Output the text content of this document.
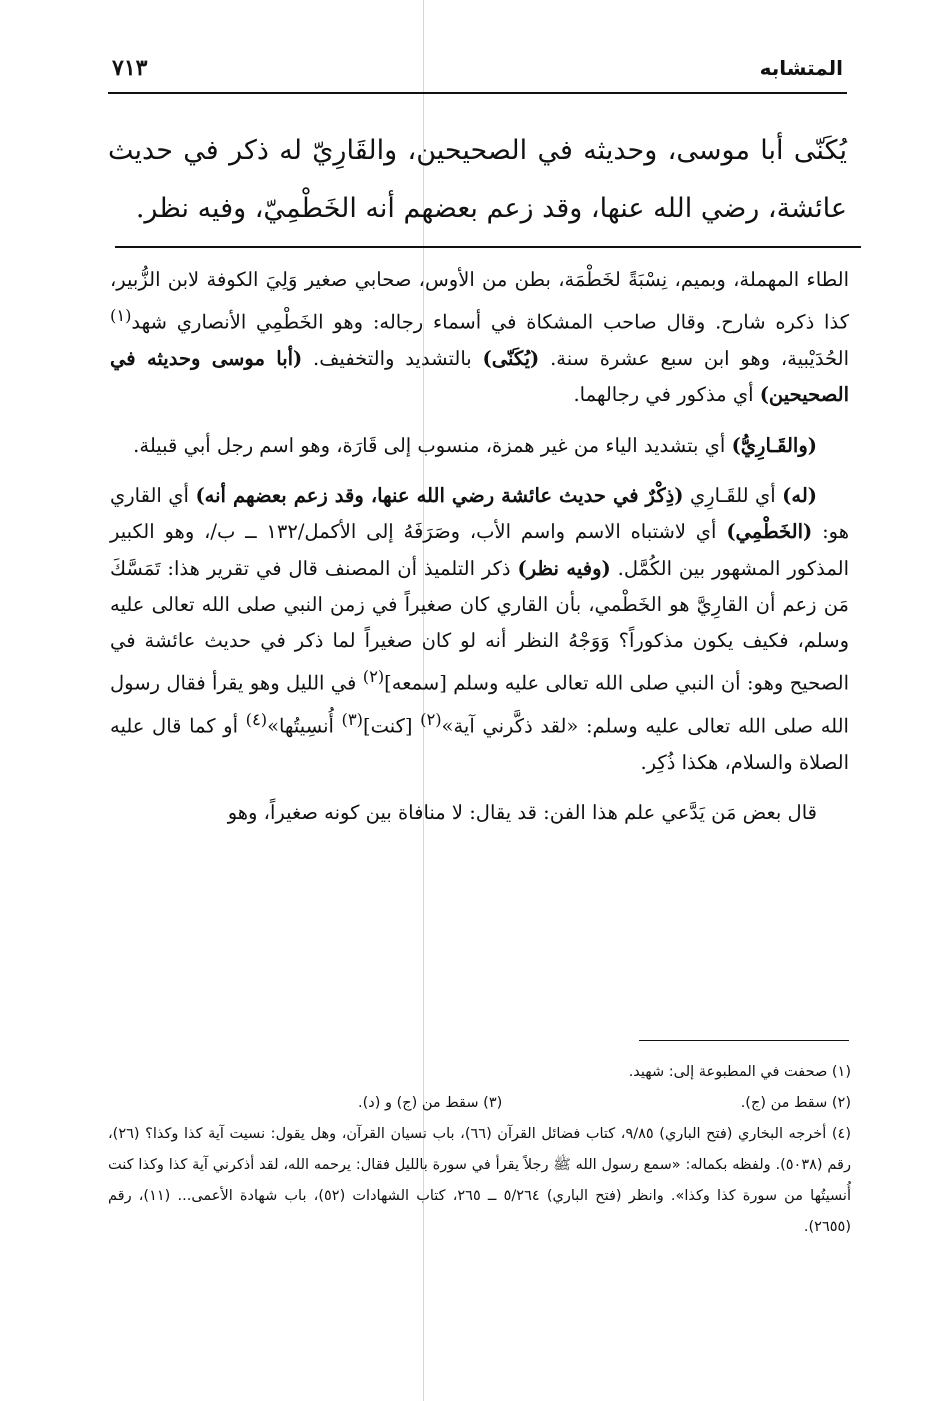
المتشابه
٧١٣

يُكَنّى أبا موسى، وحديثه في الصحيحين، والقَارِيّ له ذكر في حديث عائشة، رضي الله عنها، وقد زعم بعضهم أنه الخَطْمِيّ، وفيه نظر.

الطاء المهملة، وبميم، نِسْبَةً لخَطْمَة، بطن من الأوس، صحابي صغير وَلِيَ الكوفة لابن الزُّبير، كذا ذكره شارح. وقال صاحب المشكاة في أسماء رجاله: وهو الخَطْمِي الأنصاري شهد$^{(١)}$ الحُدَيْبية، وهو ابن سبع عشرة سنة. (يُكَنّى) بالتشديد والتخفيف. (أبا موسى وحديثه في الصحيحين) أي مذكور في رجالهما.

(والقَـارِيُّ) أي بتشديد الياء من غير همزة، منسوب إلى قَارَة، وهو اسم رجل أبي قبيلة.

(له) أي للقَـارِي (ذِكْرٌ في حديث عائشة رضي الله عنها، وقد زعم بعضهم أنه) أي القاري هو: (الخَطْمِي) أي لاشتباه الاسم واسم الأب، وصَرَفَهُ إلى الأكمل/١٣٢ ــ ب/، وهو الكبير المذكور المشهور بين الكُمَّل. (وفيه نظر) ذكر التلميذ أن المصنف قال في تقرير هذا: تَمَسَّكَ مَن زعم أن القارِيَّ هو الخَطْمي، بأن القاري كان صغيراً في زمن النبي صلى الله تعالى عليه وسلم، فكيف يكون مذكوراً؟ وَوَجْهُ النظر أنه لو كان صغيراً لما ذكر في حديث عائشة في الصحيح وهو: أن النبي صلى الله تعالى عليه وسلم [سمعه]$^{(٢)}$ في الليل وهو يقرأ فقال رسول الله صلى الله تعالى عليه وسلم: «لقد ذكَّرني آية»$^{(٢)}$ [كنت]$^{(٣)}$ أُنسِيتُها»$^{(٤)}$ أو كما قال عليه الصلاة والسلام، هكذا ذُكِر.

قال بعض مَن يَدَّعي علم هذا الفن: قد يقال: لا منافاة بين كونه صغيراً، وهو

(١) صحفت في المطبوعة إلى: شهيد.

(٢) سقط من (ج).
(٣) سقط من (ج) و (د).

(٤) أخرجه البخاري (فتح الباري) ٩/٨٥، كتاب فضائل القرآن (٦٦)، باب نسيان القرآن، وهل يقول: نسيت آية كذا وكذا؟ (٢٦)، رقم (٥٠٣٨). ولفظه بكماله: «سمع رسول الله ﷺ رجلاً يقرأ في سورة بالليل فقال: يرحمه الله، لقد أذكرني آية كذا وكذا كنت أُنسيتُها من سورة كذا وكذا». وانظر (فتح الباري) ٥/٢٦٤ ــ ٢٦٥، كتاب الشهادات (٥٢)، باب شهادة الأعمى... (١١)، رقم (٢٦٥٥).
